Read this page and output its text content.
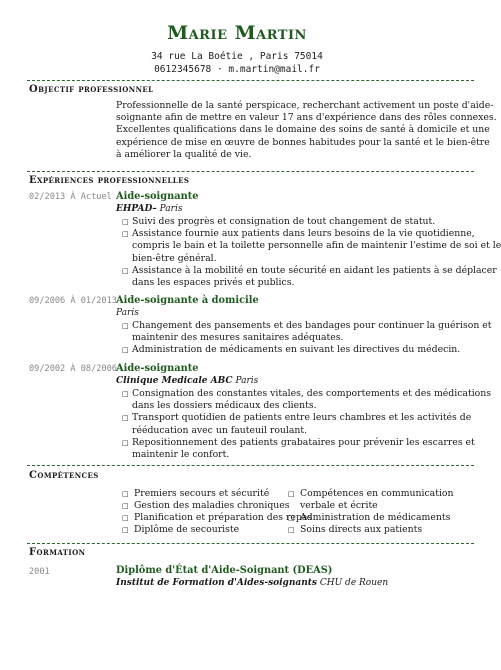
Marie Martin
34 rue La Boétie , Paris 75014
0612345678 · m.martin@mail.fr
Objectif professionnel
Professionnelle de la santé perspicace, recherchant activement un poste d'aide-
soignante afin de mettre en valeur 17 ans d'expérience dans des rôles connexes.
Excellentes qualifications dans le domaine des soins de santé à domicile et une
expérience de mise en œuvre de bonnes habitudes pour la santé et le bien-être
à améliorer la qualité de vie.
Expériences professionnelles
02/2013 À Actuel Aide-soignante
EHPAD– Paris
□ Suivi des progrès et consignation de tout changement de statut.
□ Assistance fournie aux patients dans leurs besoins de la vie quotidienne,
compris le bain et la toilette personnelle afin de maintenir l'estime de soi et le
bien-être général.
□ Assistance à la mobilité en toute sécurité en aidant les patients à se déplacer
dans les espaces privés et publics.
09/2006 À 01/2013 Aide-soignante à domicile
Paris
□ Changement des pansements et des bandages pour continuer la guérison et
maintenir des mesures sanitaires adéquates.
□ Administration de médicaments en suivant les directives du médecin.
09/2002 À 08/2006 Aide-soignante
Clinique Medicale ABC Paris
□ Consignation des constantes vitales, des comportements et des médications
dans les dossiers médicaux des clients.
□ Transport quotidien de patients entre leurs chambres et les activités de
rééducation avec un fauteuil roulant.
□ Repositionnement des patients grabataires pour prévenir les escarres et
maintenir le confort.
Compétences
□ Premiers secours et sécurité
□ Gestion des maladies chroniques
□ Planification et préparation des repas
□ Diplôme de secouriste
□ Compétences en communication
verbale et écrite
□ Administration de médicaments
□ Soins directs aux patients
Formation
2001	Diplôme d'État d'Aide-Soignant (DEAS)
Institut de Formation d'Aides-soignants CHU de Rouen
